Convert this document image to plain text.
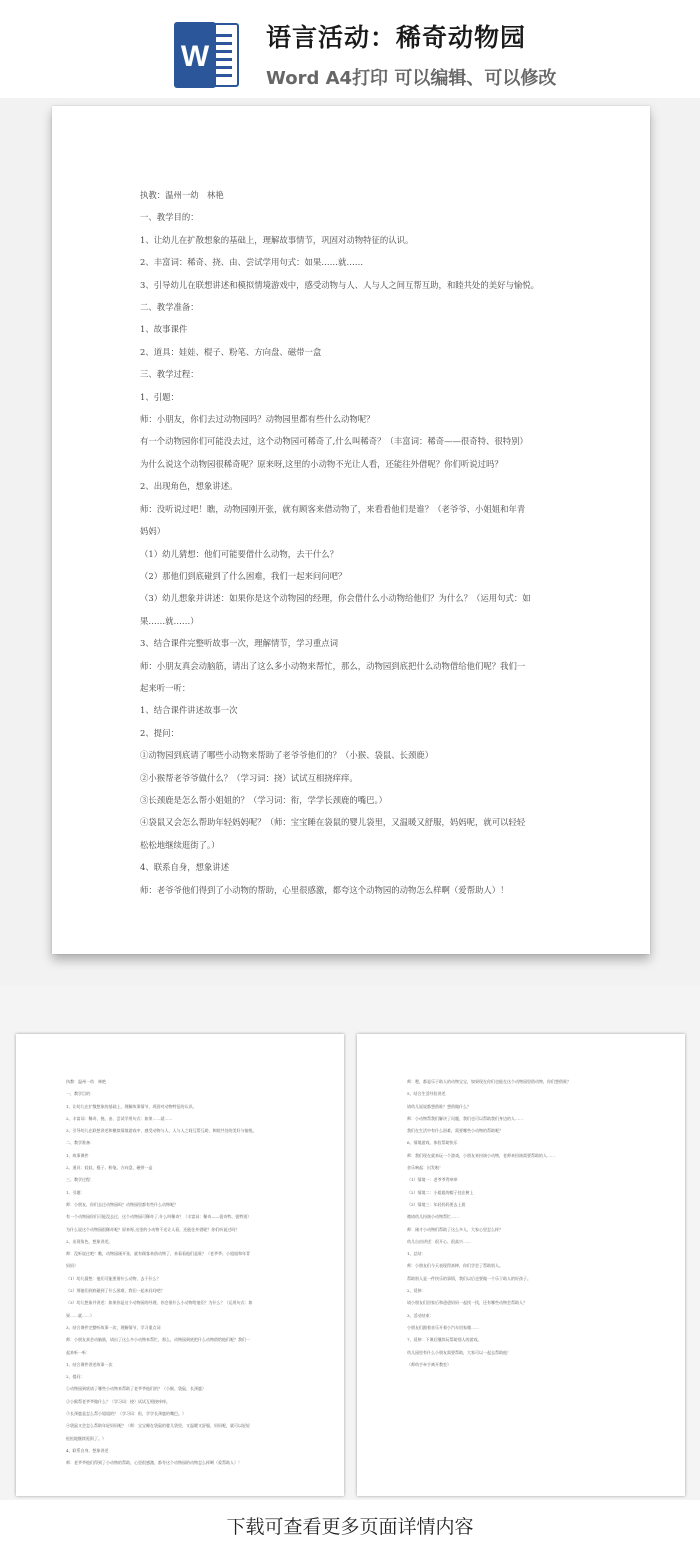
W
语言活动：稀奇动物园
Word A4打印 可以编辑、可以修改
执教：温州一幼　林艳
一、教学目的：
1、让幼儿在扩散想象的基础上，理解故事情节，巩固对动物特征的认识。
2、丰富词：稀奇、挠、由、尝试学用句式：如果……就……
3、引导幼儿在联想讲述和模拟情境游戏中，感受动物与人、人与人之间互帮互助，和睦共处的美好与愉悦。
二、教学准备：
1、故事课件
2、道具：娃娃、棍子、粉笔、方向盘、磁带一盒
三、教学过程：
1、引题：
师：小朋友，你们去过动物园吗？动物园里都有些什么动物呢？
有一个动物园你们可能没去过，这个动物园可稀奇了,什么叫稀奇？（丰富词：稀奇——很奇特、很特别）
为什么说这个动物园很稀奇呢？原来呀,这里的小动物不光让人看，还能往外借呢？你们听说过吗？
2、出现角色，想象讲述。
师：没听说过吧！瞧，动物园刚开张，就有顾客来借动物了，来看看他们是谁？（老爷爷、小姐姐和年青
妈妈）
（1）幼儿猜想：他们可能要借什么动物，去干什么？
（2）那他们到底碰到了什么困难，我们一起来问问吧？
（3）幼儿想象并讲述：如果你是这个动物园的经理，你会借什么小动物给他们？为什么？（运用句式：如
果……就……）
3、结合课件完整听故事一次，理解情节，学习重点词
师：小朋友真会动脑筋，请出了这么多小动物来帮忙，那么，动物园到底把什么动物借给他们呢？我们一
起来听一听：
1、结合课件讲述故事一次
2、提问：
①动物园到底请了哪些小动物来帮助了老爷爷他们的？（小猴、袋鼠、长颈鹿）
②小猴帮老爷爷做什么？（学习词：挠）试试互相挠痒痒。
③长颈鹿是怎么帮小姐姐的？（学习词：衔，学学长颈鹿的嘴巴。）
④袋鼠又会怎么帮助年轻妈妈呢？（师：宝宝睡在袋鼠的婴儿袋里，又温暖又舒服，妈妈呢，就可以轻轻
松松地继续逛街了。）
4、联系自身，想象讲述
师：老爷爷他们得到了小动物的帮助，心里很感激，都夸这个动物园的动物怎么样啊（爱帮助人）！
执教：温州一幼　林艳
一、教学目的：
1、让幼儿在扩散想象的基础上，理解故事情节，巩固对动物特征的认识。
2、丰富词：稀奇、挠、由、尝试学用句式：如果……就……
3、引导幼儿在联想讲述和模拟情境游戏中，感受动物与人、人与人之间互帮互助，和睦共处的美好与愉悦。
二、教学准备：
1、故事课件
2、道具：娃娃、棍子、粉笔、方向盘、磁带一盒
三、教学过程：
1、引题：
师：小朋友，你们去过动物园吗？动物园里都有些什么动物呢？
有一个动物园你们可能没去过，这个动物园可稀奇了,什么叫稀奇？（丰富词：稀奇——很奇特、很特别）
为什么说这个动物园很稀奇呢？原来呀,这里的小动物不光让人看，还能往外借呢？你们听说过吗？
2、出现角色，想象讲述。
师：没听说过吧！瞧，动物园刚开张，就有顾客来借动物了，来看看他们是谁？（老爷爷、小姐姐和年青
妈妈）
（1）幼儿猜想：他们可能要借什么动物，去干什么？
（2）那他们到底碰到了什么困难，我们一起来问问吧？
（3）幼儿想象并讲述：如果你是这个动物园的经理，你会借什么小动物给他们？为什么？（运用句式：如
果……就……）
3、结合课件完整听故事一次，理解情节，学习重点词
师：小朋友真会动脑筋，请出了这么多小动物来帮忙，那么，动物园到底把什么动物借给他们呢？我们一
起来听一听：
1、结合课件讲述故事一次
2、提问：
①动物园到底请了哪些小动物来帮助了老爷爷他们的？（小猴、袋鼠、长颈鹿）
②小猴帮老爷爷做什么？（学习词：挠）试试互相挠痒痒。
③长颈鹿是怎么帮小姐姐的？（学习词：衔，学学长颈鹿的嘴巴。）
④袋鼠又会怎么帮助年轻妈妈呢？（师：宝宝睡在袋鼠的婴儿袋里，又温暖又舒服，妈妈呢，就可以轻轻
松松地继续逛街了。）
4、联系自身，想象讲述
师：老爷爷他们得到了小动物的帮助，心里很感激，都夸这个动物园的动物怎么样啊（爱帮助人）！
师：嗯，都是乐于助人的动物宝宝，如果现在你们也能在这个动物园里借动物，你们想借谁？
5、结合生活经验讲述
请幼儿说说都想借谁？想借做什么？
师：小动物帮我们解决了问题，我们也可以帮助我们身边的人……
我们在生活中有什么困难，需要哪些小动物的帮助呢？
6、情境游戏，体验帮助快乐
师：我们现在就来玩一个游戏，小朋友来扮演小动物，老师来扮演需要帮助的人……
音乐响起：出发啦！
（1）情境一：老爷爷背痒痒
（2）情境二：小姐姐的帽子挂在树上
（3）情境三：年轻妈妈要去上班
邀请幼儿扮演小动物帮忙……
师：刚才小动物们帮助了这么多人，大家心里怎么样？
幼儿自由讲述：很开心、很高兴……
1、总结：
师：小朋友们今天表现得真棒，你们学会了帮助别人。
帮助别人是一件快乐的事情，我们以后也要做一个乐于助人的好孩子。
2、延伸：
请小朋友们回家后和爸爸妈妈一起找一找，还有哪些动物会帮助人？
3、活动结束：
小朋友们跟着音乐开着小汽车回家喽……
7、延伸：下课后继续玩帮助别人的游戏。
幼儿园里有什么小朋友需要帮助，大家可以一起去帮助他！
（师幼手牵手离开教室）
下载可查看更多页面详情内容
